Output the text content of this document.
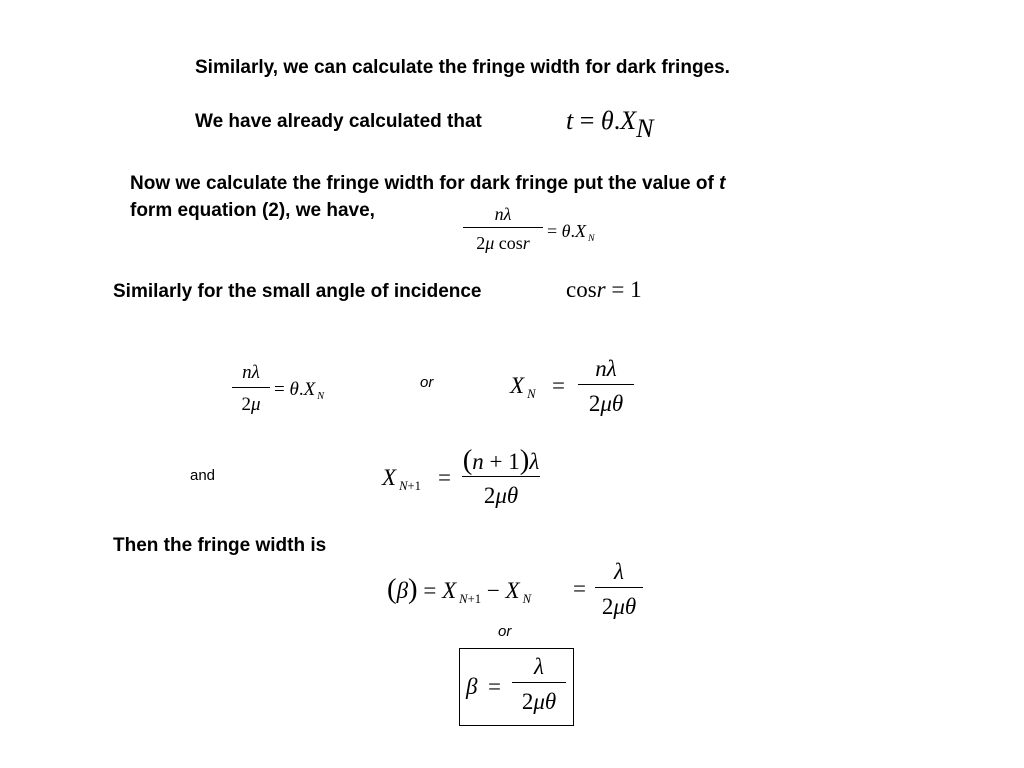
Similarly, we can calculate the fringe width for dark fringes.
We have already calculated that
Now we calculate the fringe width for dark fringe put the value of t
form equation (2), we have,
Similarly for the small angle of incidence
or
and
Then the fringe width is
or
t = θ.XN
nλ
2μ cosr
= θ.X $_N$
cosr = 1
nλ
2μ
= θ.X $_N$	X $_N$ =
nλ
2μθ
X $_{N+1}$ =
(n + 1)λ
2μθ
(β) = X $_{N+1}$ − X $_N$ =
λ
2μθ
β =
λ
2μθ
